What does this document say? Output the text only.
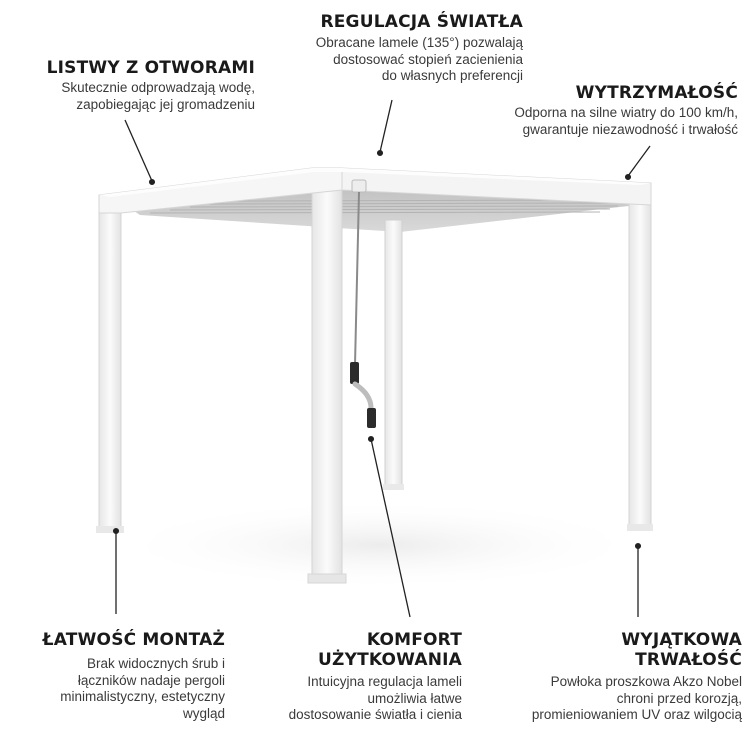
LISTWY Z OTWORAMI
Skutecznie odprowadzają wodę,
zapobiegając jej gromadzeniu
REGULACJA ŚWIATŁA
Obracane lamele (135°) pozwalają
dostosować stopień zacienienia
do własnych preferencji
WYTRZYMAŁOŚĆ
Odporna na silne wiatry do 100 km/h,
gwarantuje niezawodność i trwałość
ŁATWOŚĆ MONTAŻ
Brak widocznych śrub i
łączników nadaje pergoli
minimalistyczny, estetyczny
wygląd
KOMFORT
UŻYTKOWANIA
Intuicyjna regulacja lameli
umożliwia łatwe
dostosowanie światła i cienia
WYJĄTKOWA
TRWAŁOŚĆ
Powłoka proszkowa Akzo Nobel
chroni przed korozją,
promieniowaniem UV oraz wilgocią
